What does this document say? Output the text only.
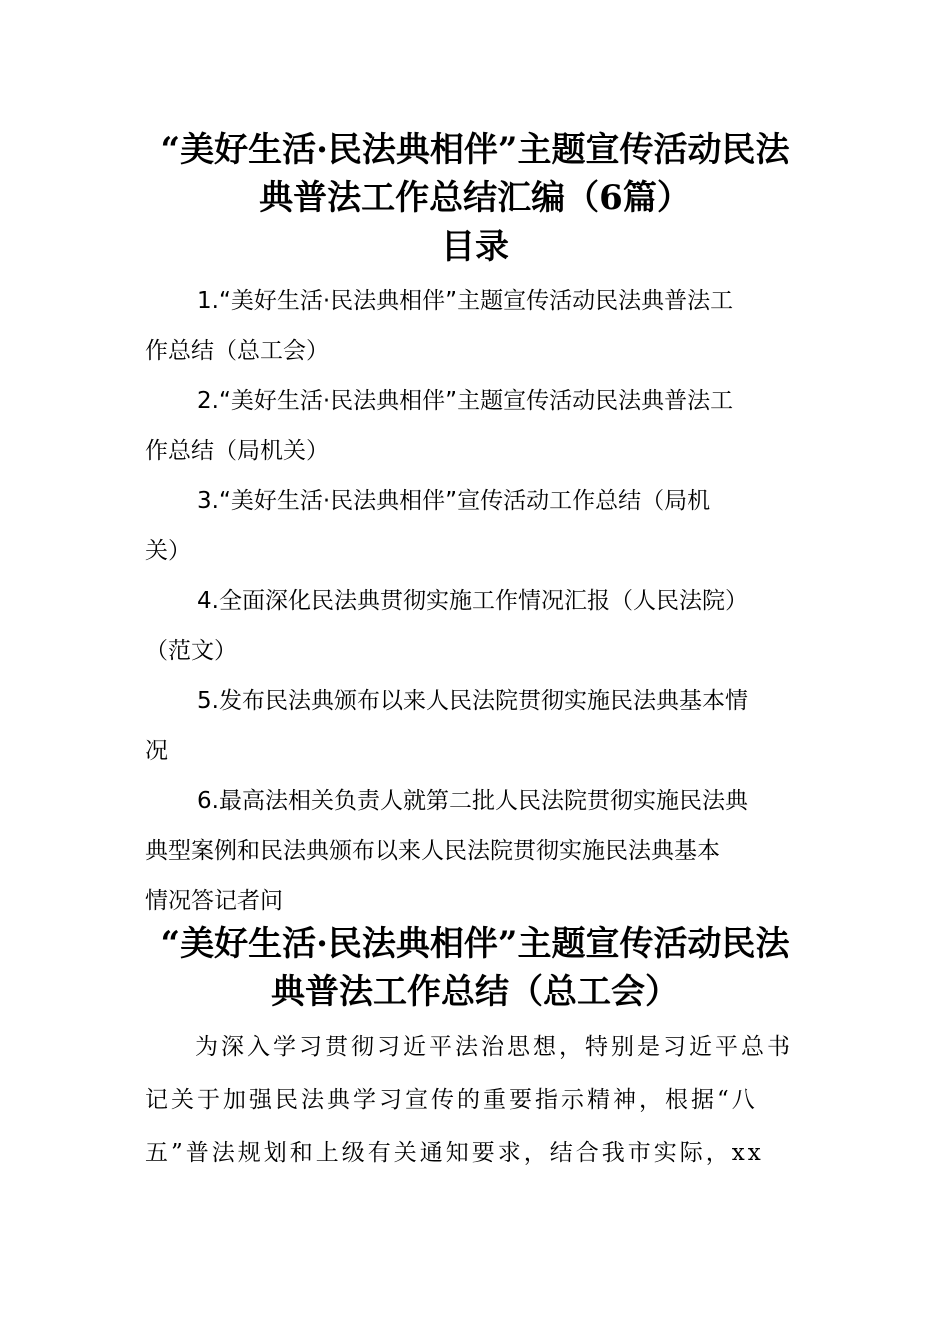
“美好生活·民法典相伴”主题宣传活动民法
典普法工作总结汇编（6篇）
目录
1.“美好生活·民法典相伴”主题宣传活动民法典普法工
作总结（总工会）
2.“美好生活·民法典相伴”主题宣传活动民法典普法工
作总结（局机关）
3.“美好生活·民法典相伴”宣传活动工作总结（局机
关）
4.全面深化民法典贯彻实施工作情况汇报（人民法院）
（范文）
5.发布民法典颁布以来人民法院贯彻实施民法典基本情
况
6.最高法相关负责人就第二批人民法院贯彻实施民法典
典型案例和民法典颁布以来人民法院贯彻实施民法典基本
情况答记者问
“美好生活·民法典相伴”主题宣传活动民法
典普法工作总结（总工会）

为深入学习贯彻习近平法治思想，特别是习近平总书
记关于加强民法典学习宣传的重要指示精神，根据“八
五”普法规划和上级有关通知要求，结合我市实际，xx
